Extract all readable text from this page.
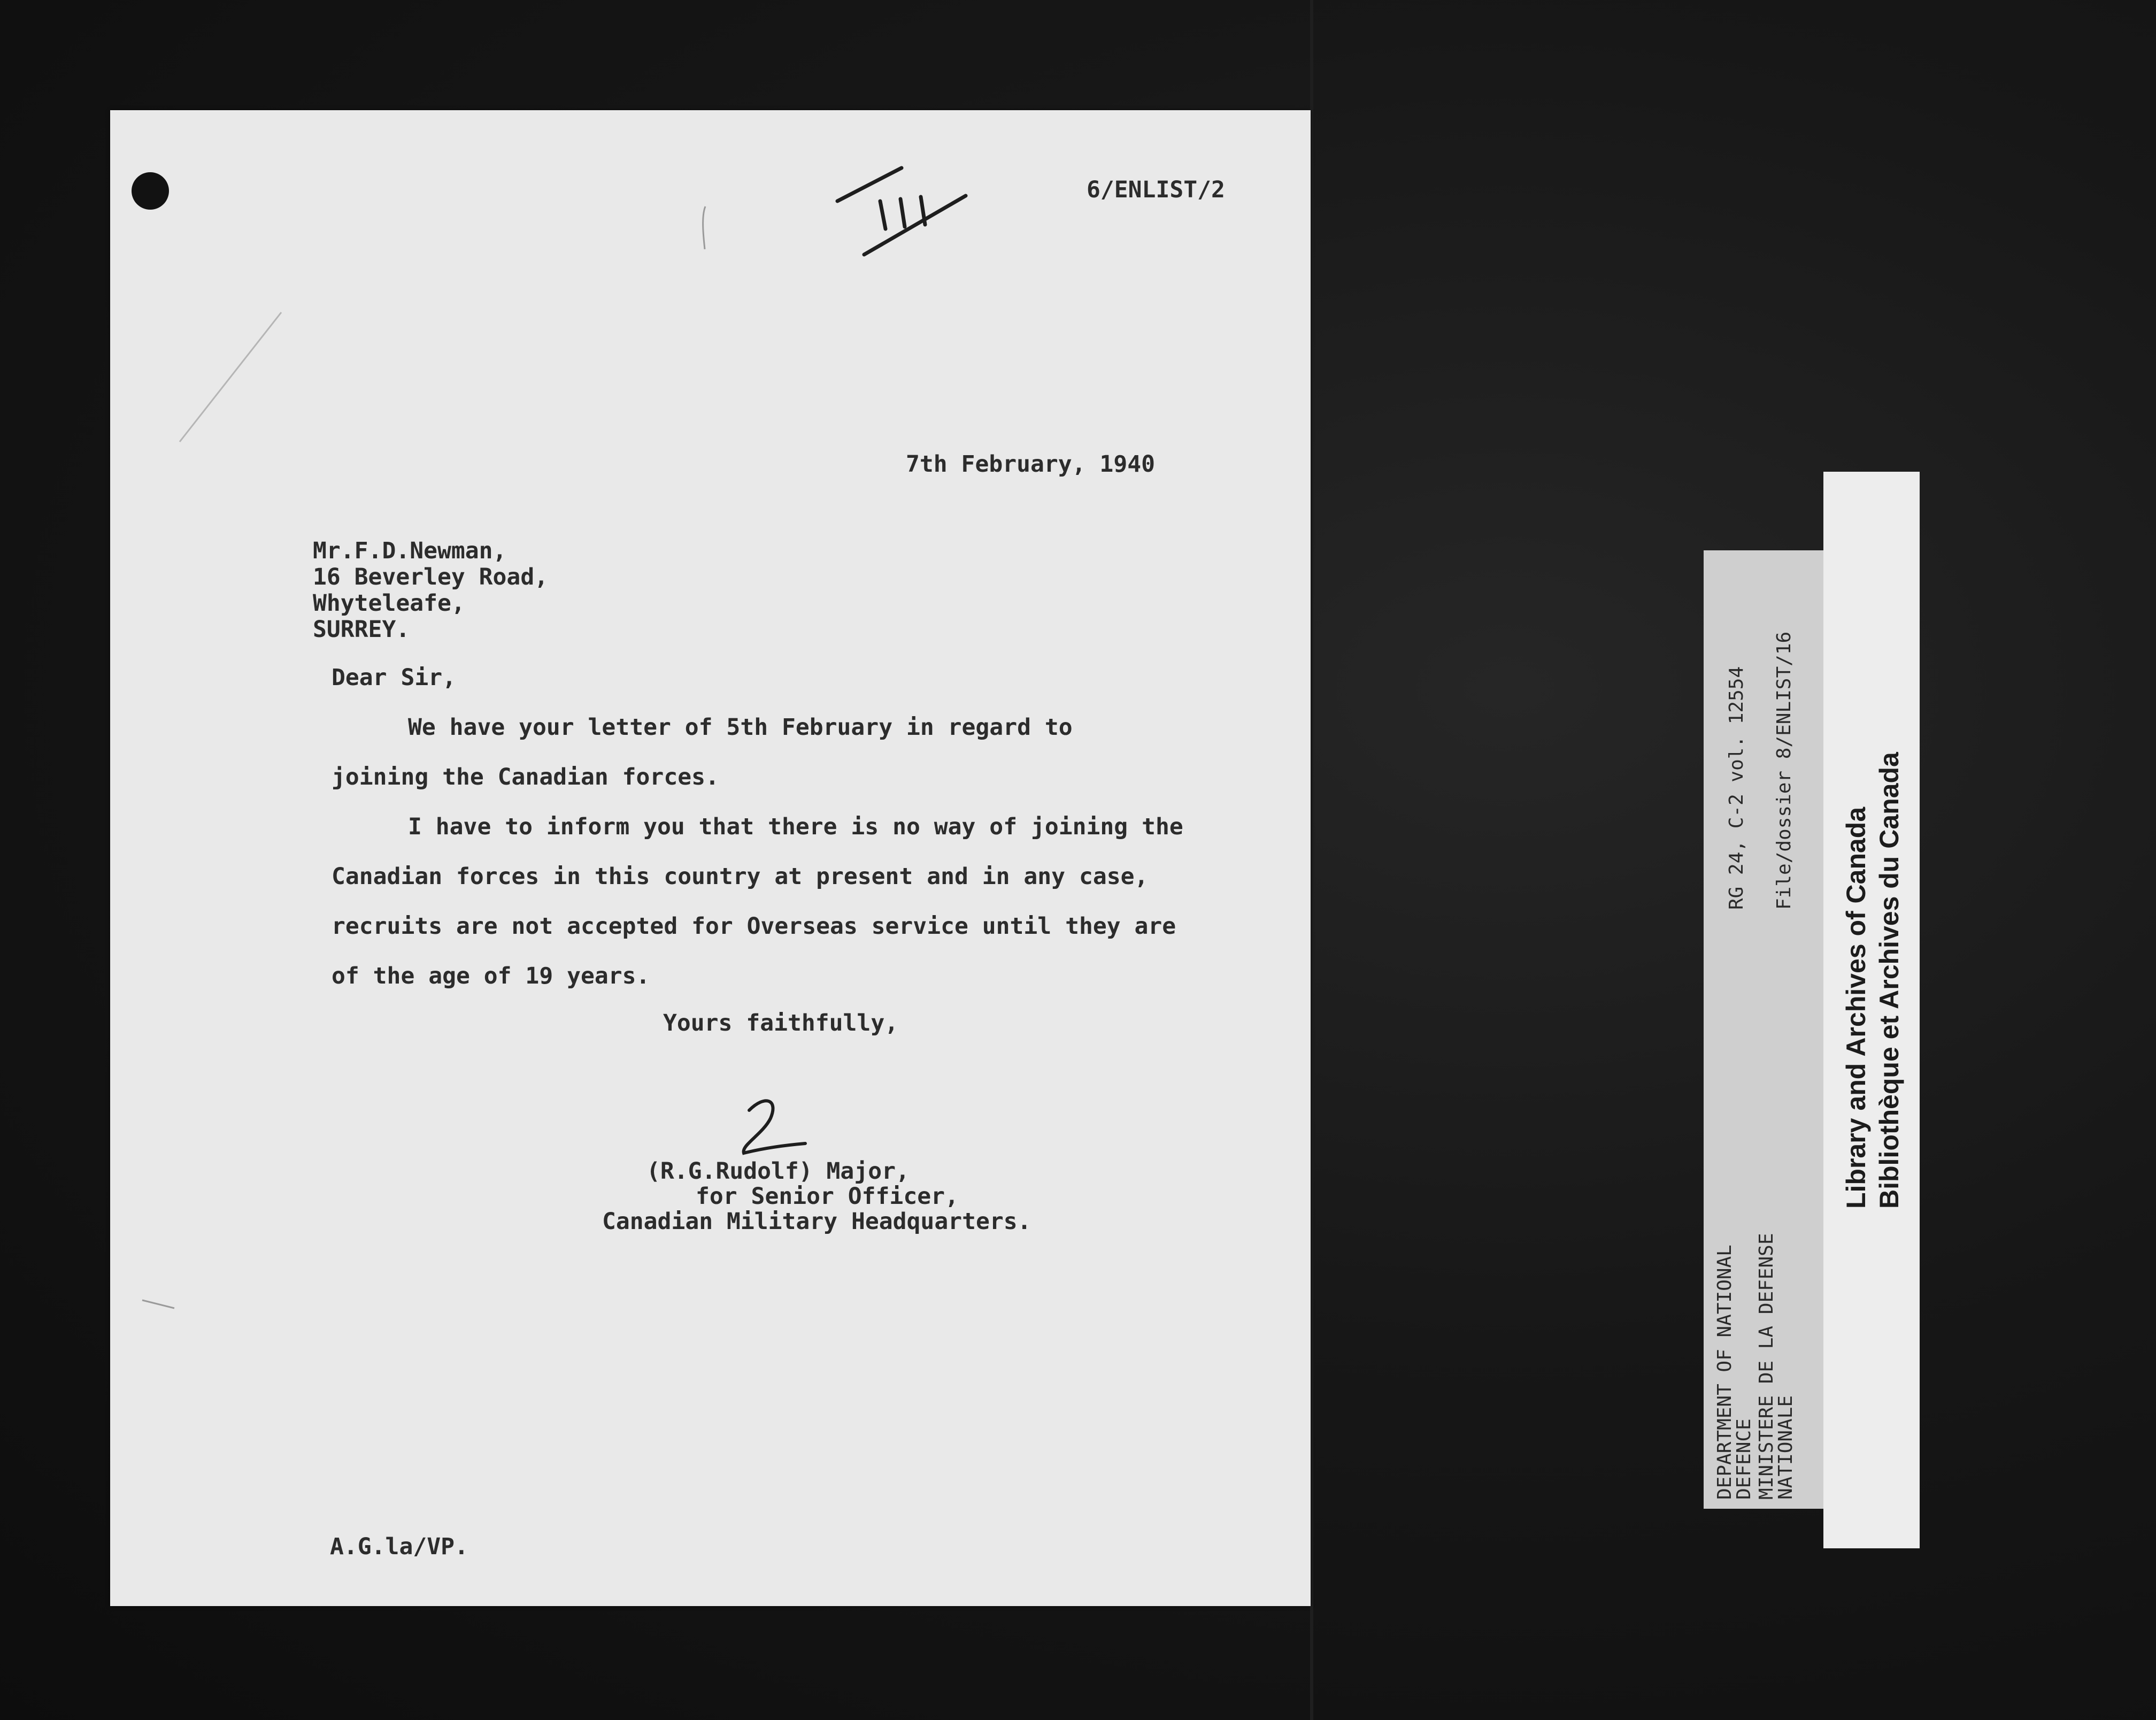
6/ENLIST/2
7th February, 1940
Mr.F.D.Newman,
16 Beverley Road,
Whyteleafe,
SURREY.
Dear Sir,
We have your letter of 5th February in regard to
joining the Canadian forces.
I have to inform you that there is no way of joining the
Canadian forces in this country at present and in any case,
recruits are not accepted for Overseas service until they are
of the age of 19 years.
Yours faithfully,
(R.G.Rudolf) Major,
for Senior Officer,
Canadian Military Headquarters.
A.G.la/VP.
DEPARTMENT OF NATIONAL
DEFENCE MINISTERE DE LA DEFENSE
NATIONALE
RG 24, C-2 vol. 12554 File/dossier 8/ENLIST/16
Library and Archives of Canada Bibliothèque et Archives du Canada
